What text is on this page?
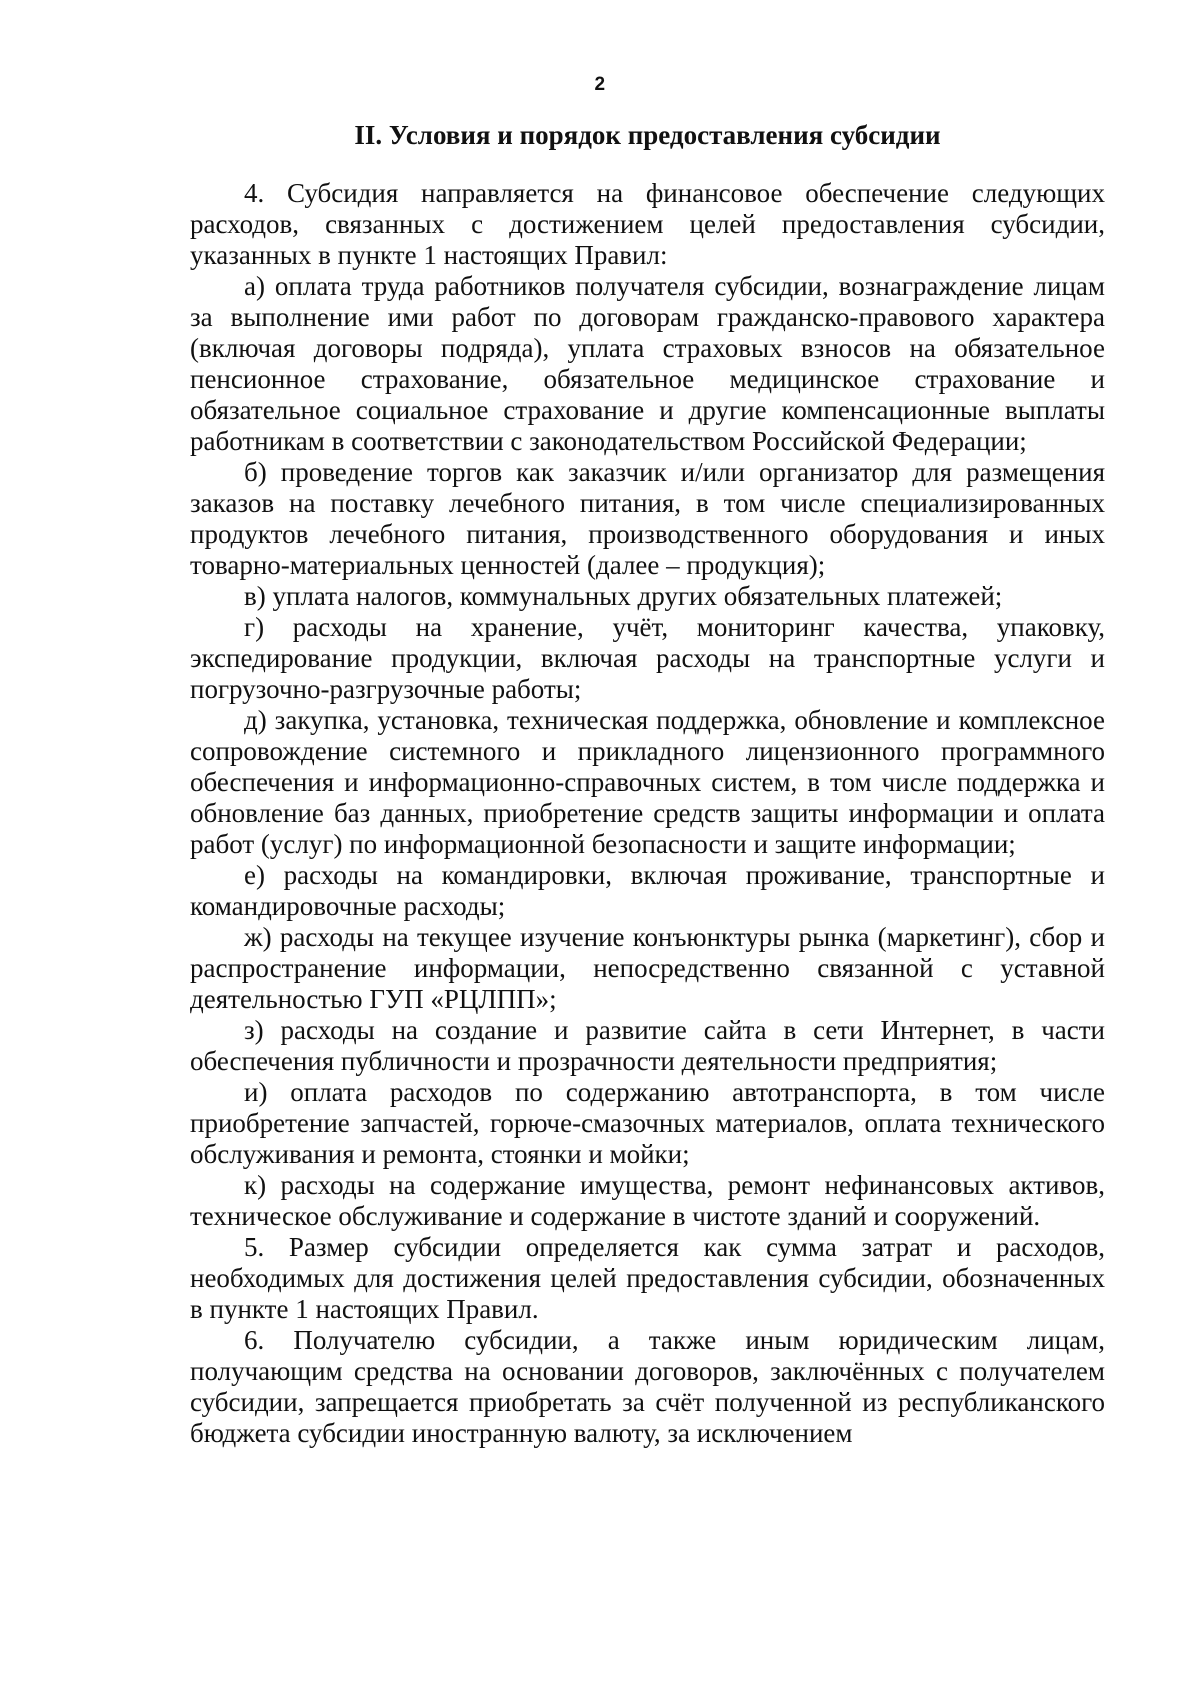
2
II. Условия и порядок предоставления субсидии

4. Субсидия направляется на финансовое обеспечение следующих расходов, связанных с достижением целей предоставления субсидии, указанных в пункте 1 настоящих Правил:

а) оплата труда работников получателя субсидии, вознаграждение лицам за выполнение ими работ по договорам гражданско-правового характера (включая договоры подряда), уплата страховых взносов на обязательное пенсионное страхование, обязательное медицинское страхование и обязательное социальное страхование и другие компенсационные выплаты работникам в соответствии с законодательством Российской Федерации;

б) проведение торгов как заказчик и/или организатор для размещения заказов на поставку лечебного питания, в том числе специализированных продуктов лечебного питания, производственного оборудования и иных товарно-материальных ценностей (далее – продукция);

в) уплата налогов, коммунальных других обязательных платежей;

г) расходы на хранение, учёт, мониторинг качества, упаковку, экспедирование продукции, включая расходы на транспортные услуги и погрузочно-разгрузочные работы;

д) закупка, установка, техническая поддержка, обновление и комплексное сопровождение системного и прикладного лицензионного программного обеспечения и информационно-справочных систем, в том числе поддержка и обновление баз данных, приобретение средств защиты информации и оплата работ (услуг) по информационной безопасности и защите информации;

е) расходы на командировки, включая проживание, транспортные и командировочные расходы;

ж) расходы на текущее изучение конъюнктуры рынка (маркетинг), сбор и распространение информации, непосредственно связанной с уставной деятельностью ГУП «РЦЛПП»;

з) расходы на создание и развитие сайта в сети Интернет, в части обеспечения публичности и прозрачности деятельности предприятия;

и) оплата расходов по содержанию автотранспорта, в том числе приобретение запчастей, горюче-смазочных материалов, оплата технического обслуживания и ремонта, стоянки и мойки;

к) расходы на содержание имущества, ремонт нефинансовых активов, техническое обслуживание и содержание в чистоте зданий и сооружений.

5. Размер субсидии определяется как сумма затрат и расходов, необходимых для достижения целей предоставления субсидии, обозначенных в пункте 1 настоящих Правил.

6. Получателю субсидии, а также иным юридическим лицам, получающим средства на основании договоров, заключённых с получателем субсидии, запрещается приобретать за счёт полученной из республиканского бюджета субсидии иностранную валюту, за исключением
